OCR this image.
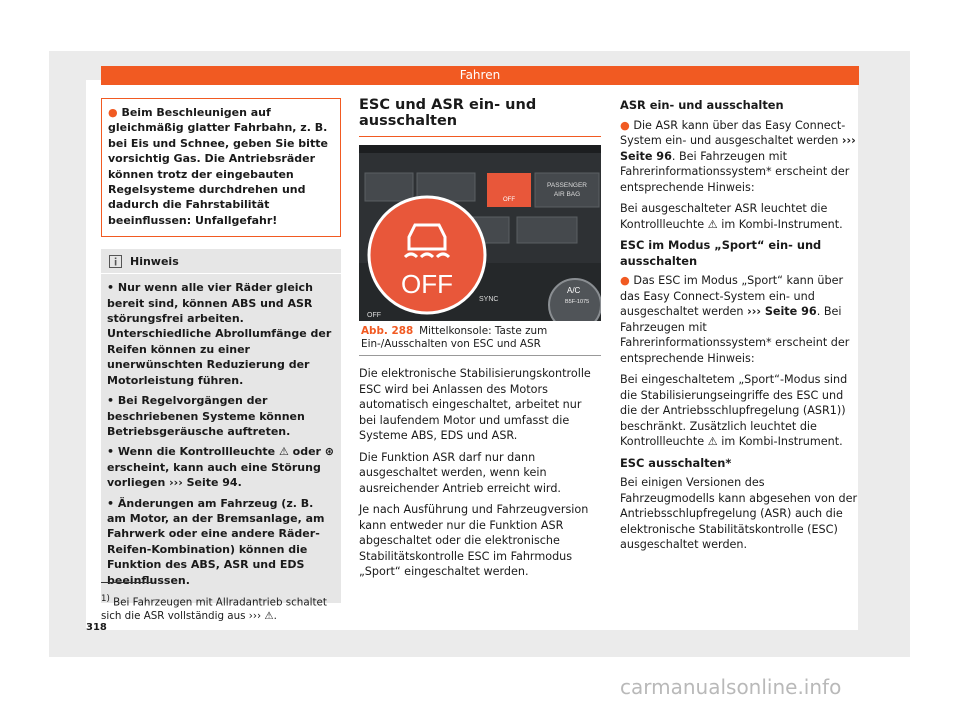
Fahren
● Beim Beschleunigen auf gleichmäßig glatter Fahrbahn, z. B. bei Eis und Schnee, geben Sie bitte vorsichtig Gas. Die Antriebsräder können trotz der eingebauten Regelsysteme durchdrehen und dadurch die Fahrstabilität beeinflussen: Unfallgefahr!
Hinweis
• Nur wenn alle vier Räder gleich bereit sind, können ABS und ASR störungsfrei arbeiten. Unterschiedliche Abrollumfänge der Reifen können zu einer unerwünschten Reduzierung der Motorleistung führen.
• Bei Regelvorgängen der beschriebenen Systeme können Betriebsgeräusche auftreten.
• Wenn die Kontrollleuchte ⚠ oder ⊛ erscheint, kann auch eine Störung vorliegen ››› Seite 94.
• Änderungen am Fahrzeug (z. B. am Motor, an der Bremsanlage, am Fahrwerk oder eine andere Räder-Reifen-Kombination) können die Funktion des ABS, ASR und EDS beeinflussen.
ESC und ASR ein- und ausschalten
PASSENGER
AIR BAG
OFF
OFF
SYNC
A/C
B5F-1075
OFF
Abb. 288 Mittelkonsole: Taste zum Ein-/Ausschalten von ESC und ASR

Die elektronische Stabilisierungskontrolle ESC wird bei Anlassen des Motors automatisch eingeschaltet, arbeitet nur bei laufendem Motor und umfasst die Systeme ABS, EDS und ASR.

Die Funktion ASR darf nur dann ausgeschaltet werden, wenn kein ausreichender Antrieb erreicht wird.

Je nach Ausführung und Fahrzeugversion kann entweder nur die Funktion ASR abgeschaltet oder die elektronische Stabilitätskontrolle ESC im Fahrmodus „Sport“ eingeschaltet werden.

ASR ein- und ausschalten

● Die ASR kann über das Easy Connect-System ein- und ausgeschaltet werden ››› Seite 96. Bei Fahrzeugen mit Fahrerinformationssystem* erscheint der entsprechende Hinweis:

Bei ausgeschalteter ASR leuchtet die Kontrollleuchte ⚠ im Kombi-Instrument.

ESC im Modus „Sport“ ein- und ausschalten

● Das ESC im Modus „Sport“ kann über das Easy Connect-System ein- und ausgeschaltet werden ››› Seite 96. Bei Fahrzeugen mit Fahrerinformationssystem* erscheint der entsprechende Hinweis:

Bei eingeschaltetem „Sport“-Modus sind die Stabilisierungseingriffe des ESC und die der Antriebsschlupfregelung (ASR1)) beschränkt. Zusätzlich leuchtet die Kontrollleuchte ⚠ im Kombi-Instrument.

ESC ausschalten*

Bei einigen Versionen des Fahrzeugmodells kann abgesehen von der Antriebsschlupfregelung (ASR) auch die elektronische Stabilitätskontrolle (ESC) ausgeschaltet werden.

$^{1)}$ Bei Fahrzeugen mit Allradantrieb schaltet sich die ASR vollständig aus ››› ⚠.
318
carmanualsonline.info
